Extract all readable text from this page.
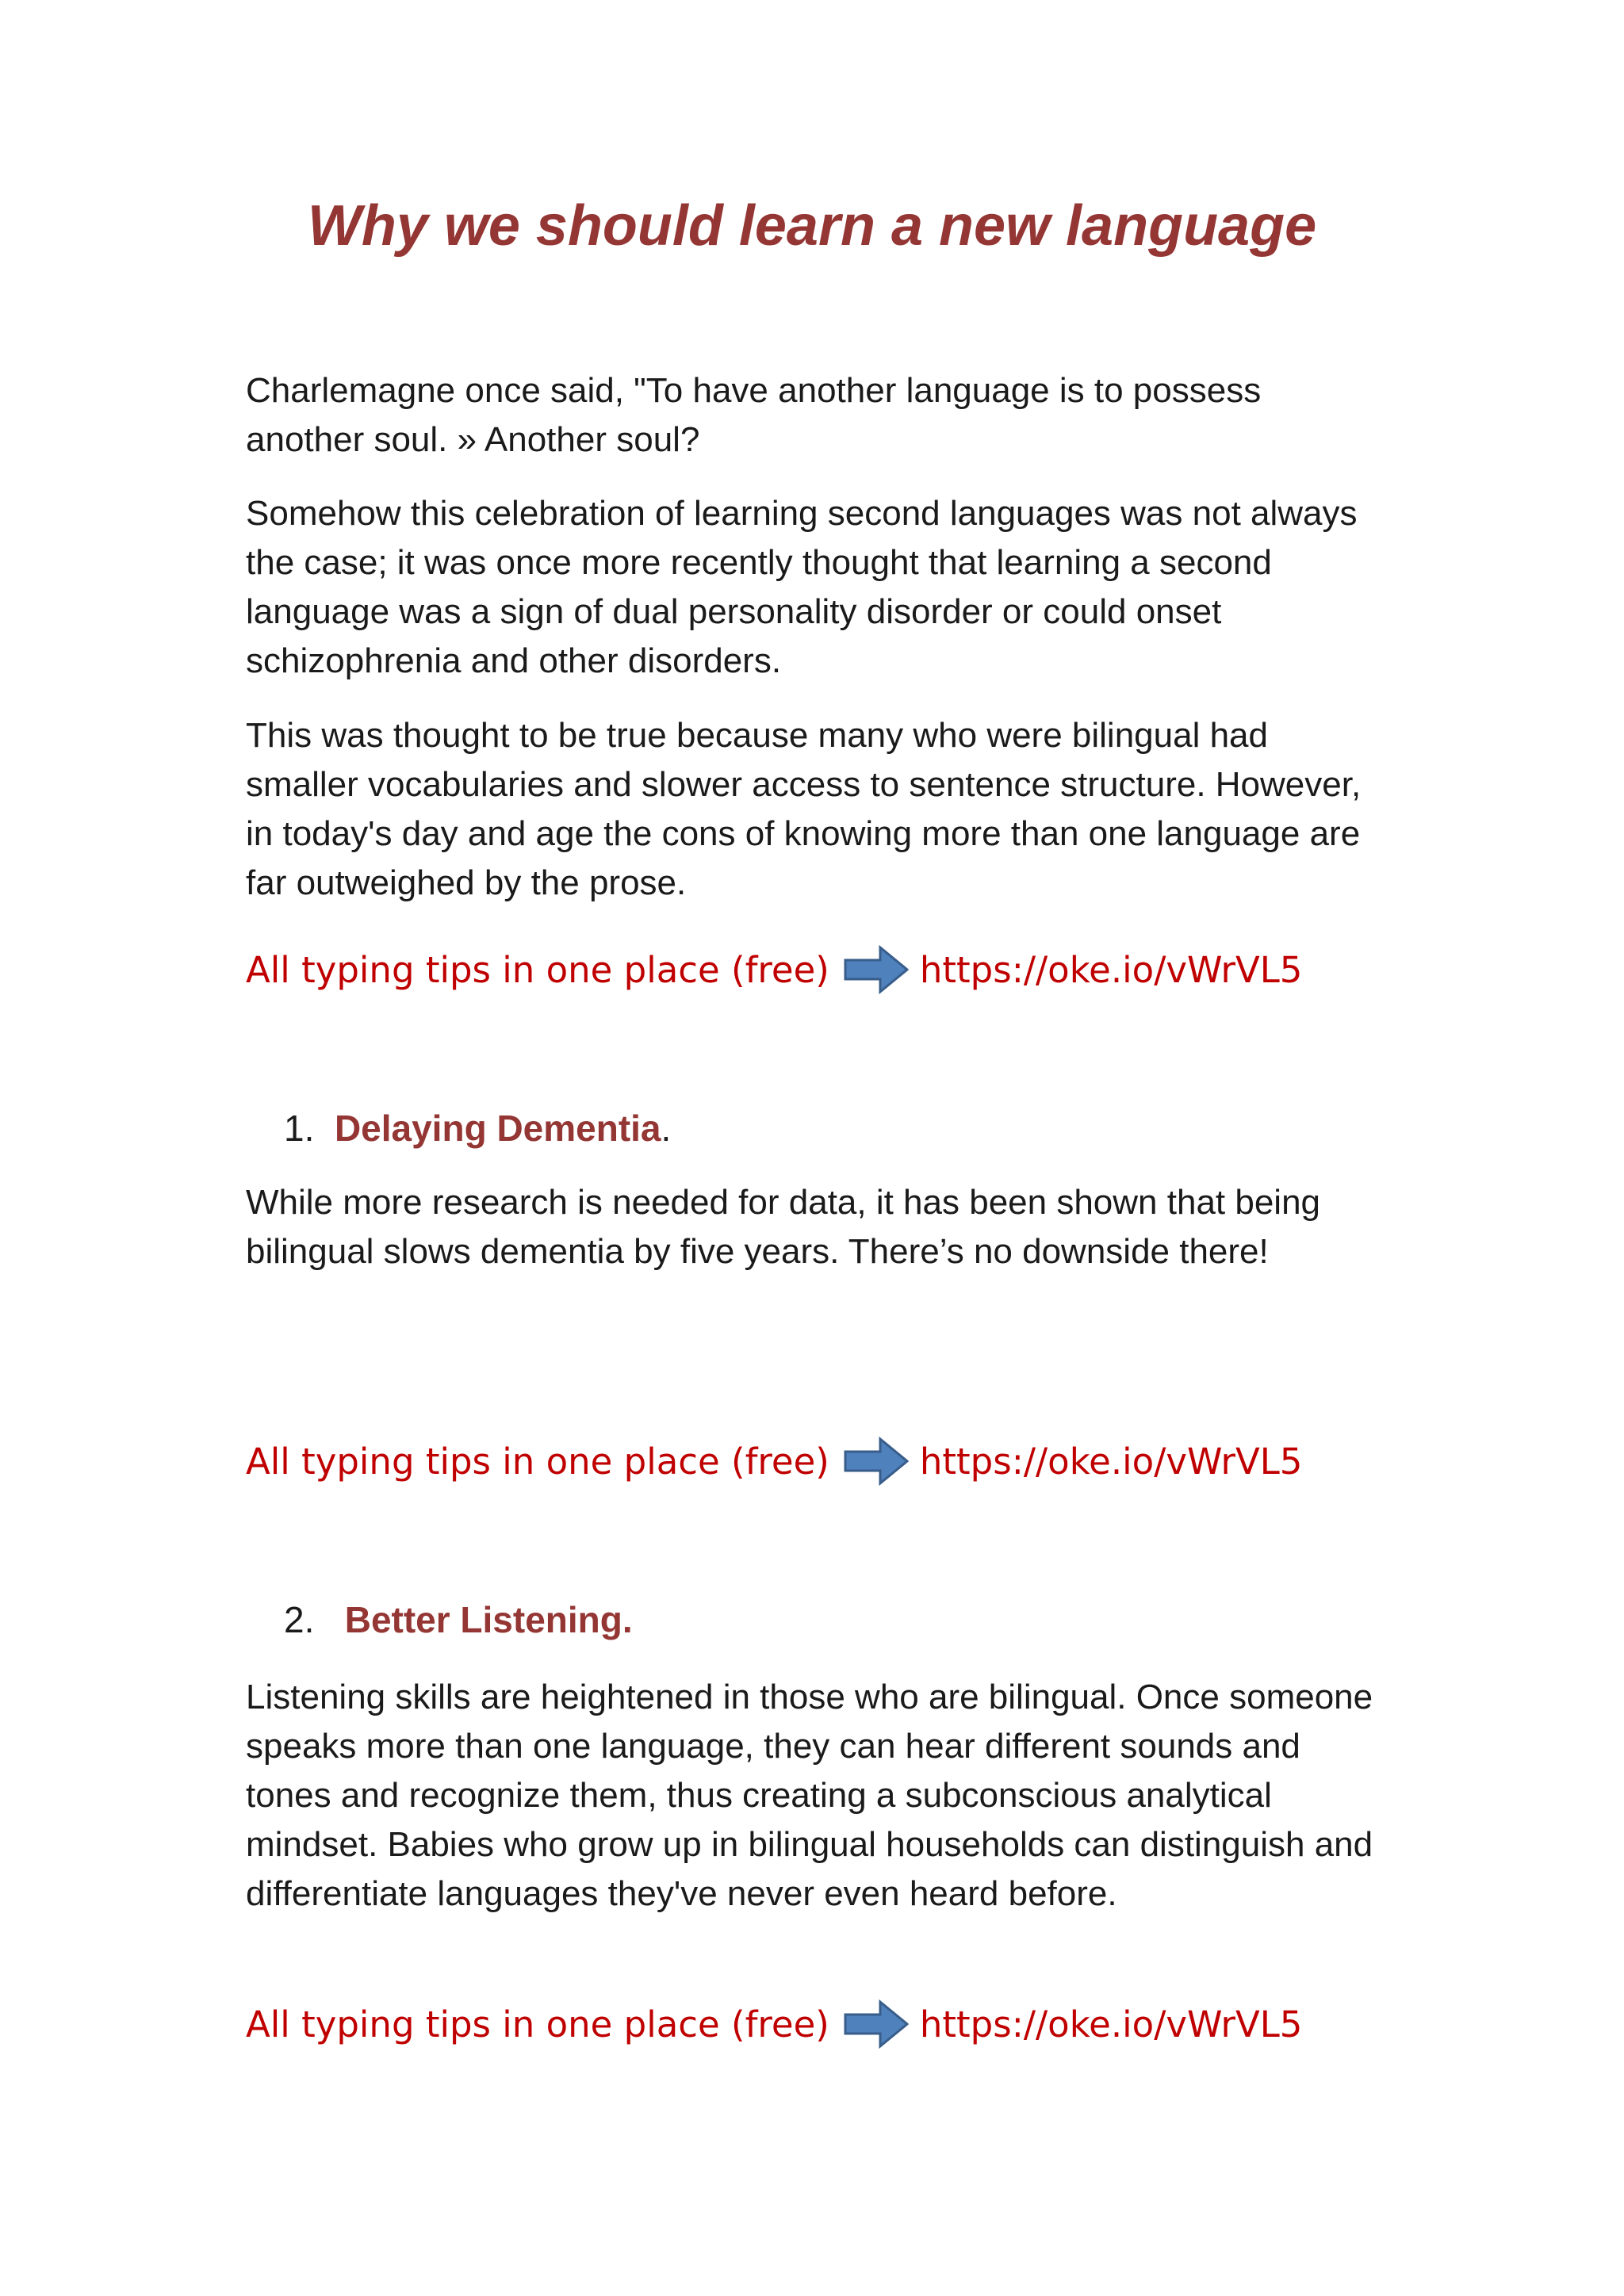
Why we should learn a new language

Charlemagne once said, "To have another language is to possess another soul. » Another soul?

Somehow this celebration of learning second languages was not always the case; it was once more recently thought that learning a second language was a sign of dual personality disorder or could onset schizophrenia and other disorders.

This was thought to be true because many who were bilingual had smaller vocabularies and slower access to sentence structure. However, in today's day and age the cons of knowing more than one language are far outweighed by the prose.

All typing tips in one place (free)	https://oke.io/vWrVL5
1. Delaying Dementia.

While more research is needed for data, it has been shown that being bilingual slows dementia by five years. There’s no downside there!

All typing tips in one place (free)	https://oke.io/vWrVL5
2. Better Listening.

Listening skills are heightened in those who are bilingual. Once someone speaks more than one language, they can hear different sounds and tones and recognize them, thus creating a subconscious analytical mindset. Babies who grow up in bilingual households can distinguish and differentiate languages they've never even heard before.

All typing tips in one place (free)	https://oke.io/vWrVL5
